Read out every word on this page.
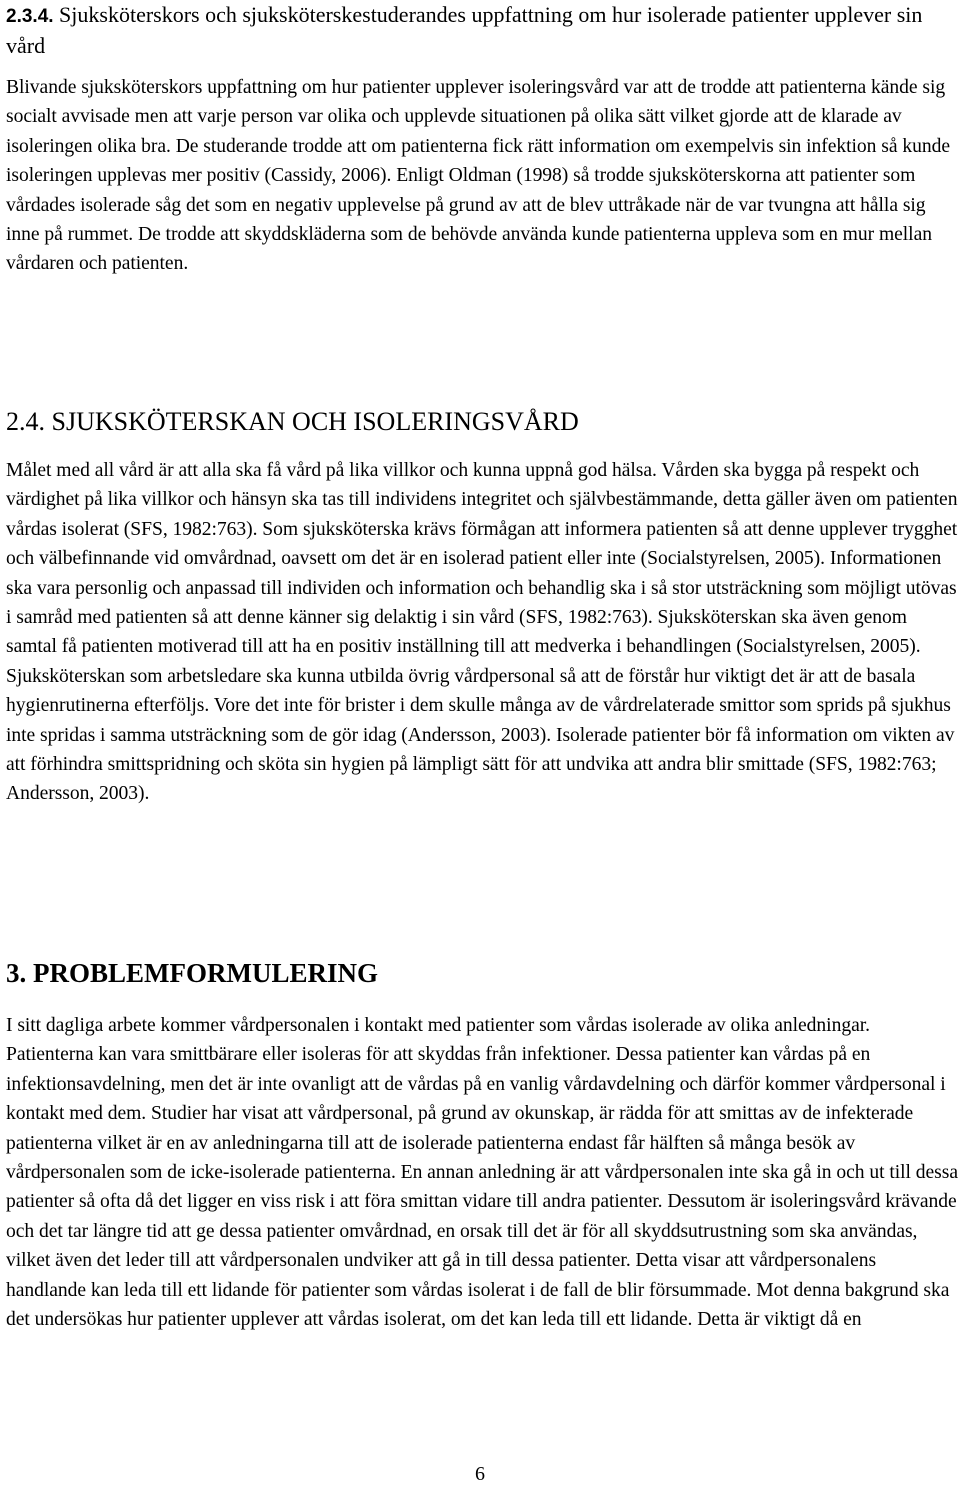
2.3.4. Sjuksköterskors och sjuksköterskestuderandes uppfattning om hur isolerade patienter upplever sin vård

Blivande sjuksköterskors uppfattning om hur patienter upplever isoleringsvård var att de trodde att patienterna kände sig socialt avvisade men att varje person var olika och upplevde situationen på olika sätt vilket gjorde att de klarade av isoleringen olika bra. De studerande trodde att om patienterna fick rätt information om exempelvis sin infektion så kunde isoleringen upplevas mer positiv (Cassidy, 2006). Enligt Oldman (1998) så trodde sjuksköterskorna att patienter som vårdades isolerade såg det som en negativ upplevelse på grund av att de blev uttråkade när de var tvungna att hålla sig inne på rummet. De trodde att skyddskläderna som de behövde använda kunde patienterna uppleva som en mur mellan vårdaren och patienten.

2.4. SJUKSKÖTERSKAN OCH ISOLERINGSVÅRD

Målet med all vård är att alla ska få vård på lika villkor och kunna uppnå god hälsa. Vården ska bygga på respekt och värdighet på lika villkor och hänsyn ska tas till individens integritet och självbestämmande, detta gäller även om patienten vårdas isolerat (SFS, 1982:763). Som sjuksköterska krävs förmågan att informera patienten så att denne upplever trygghet och välbefinnande vid omvårdnad, oavsett om det är en isolerad patient eller inte (Socialstyrelsen, 2005). Informationen ska vara personlig och anpassad till individen och information och behandlig ska i så stor utsträckning som möjligt utövas i samråd med patienten så att denne känner sig delaktig i sin vård (SFS, 1982:763). Sjuksköterskan ska även genom samtal få patienten motiverad till att ha en positiv inställning till att medverka i behandlingen (Socialstyrelsen, 2005). Sjuksköterskan som arbetsledare ska kunna utbilda övrig vårdpersonal så att de förstår hur viktigt det är att de basala hygienrutinerna efterföljs. Vore det inte för brister i dem skulle många av de vårdrelaterade smittor som sprids på sjukhus inte spridas i samma utsträckning som de gör idag (Andersson, 2003). Isolerade patienter bör få information om vikten av att förhindra smittspridning och sköta sin hygien på lämpligt sätt för att undvika att andra blir smittade (SFS, 1982:763; Andersson, 2003).

3. PROBLEMFORMULERING

I sitt dagliga arbete kommer vårdpersonalen i kontakt med patienter som vårdas isolerade av olika anledningar. Patienterna kan vara smittbärare eller isoleras för att skyddas från infektioner. Dessa patienter kan vårdas på en infektionsavdelning, men det är inte ovanligt att de vårdas på en vanlig vårdavdelning och därför kommer vårdpersonal i kontakt med dem. Studier har visat att vårdpersonal, på grund av okunskap, är rädda för att smittas av de infekterade patienterna vilket är en av anledningarna till att de isolerade patienterna endast får hälften så många besök av vårdpersonalen som de icke-isolerade patienterna. En annan anledning är att vårdpersonalen inte ska gå in och ut till dessa patienter så ofta då det ligger en viss risk i att föra smittan vidare till andra patienter. Dessutom är isoleringsvård krävande och det tar längre tid att ge dessa patienter omvårdnad, en orsak till det är för all skyddsutrustning som ska användas, vilket även det leder till att vårdpersonalen undviker att gå in till dessa patienter. Detta visar att vårdpersonalens handlande kan leda till ett lidande för patienter som vårdas isolerat i de fall de blir försummade. Mot denna bakgrund ska det undersökas hur patienter upplever att vårdas isolerat, om det kan leda till ett lidande. Detta är viktigt då en

6
